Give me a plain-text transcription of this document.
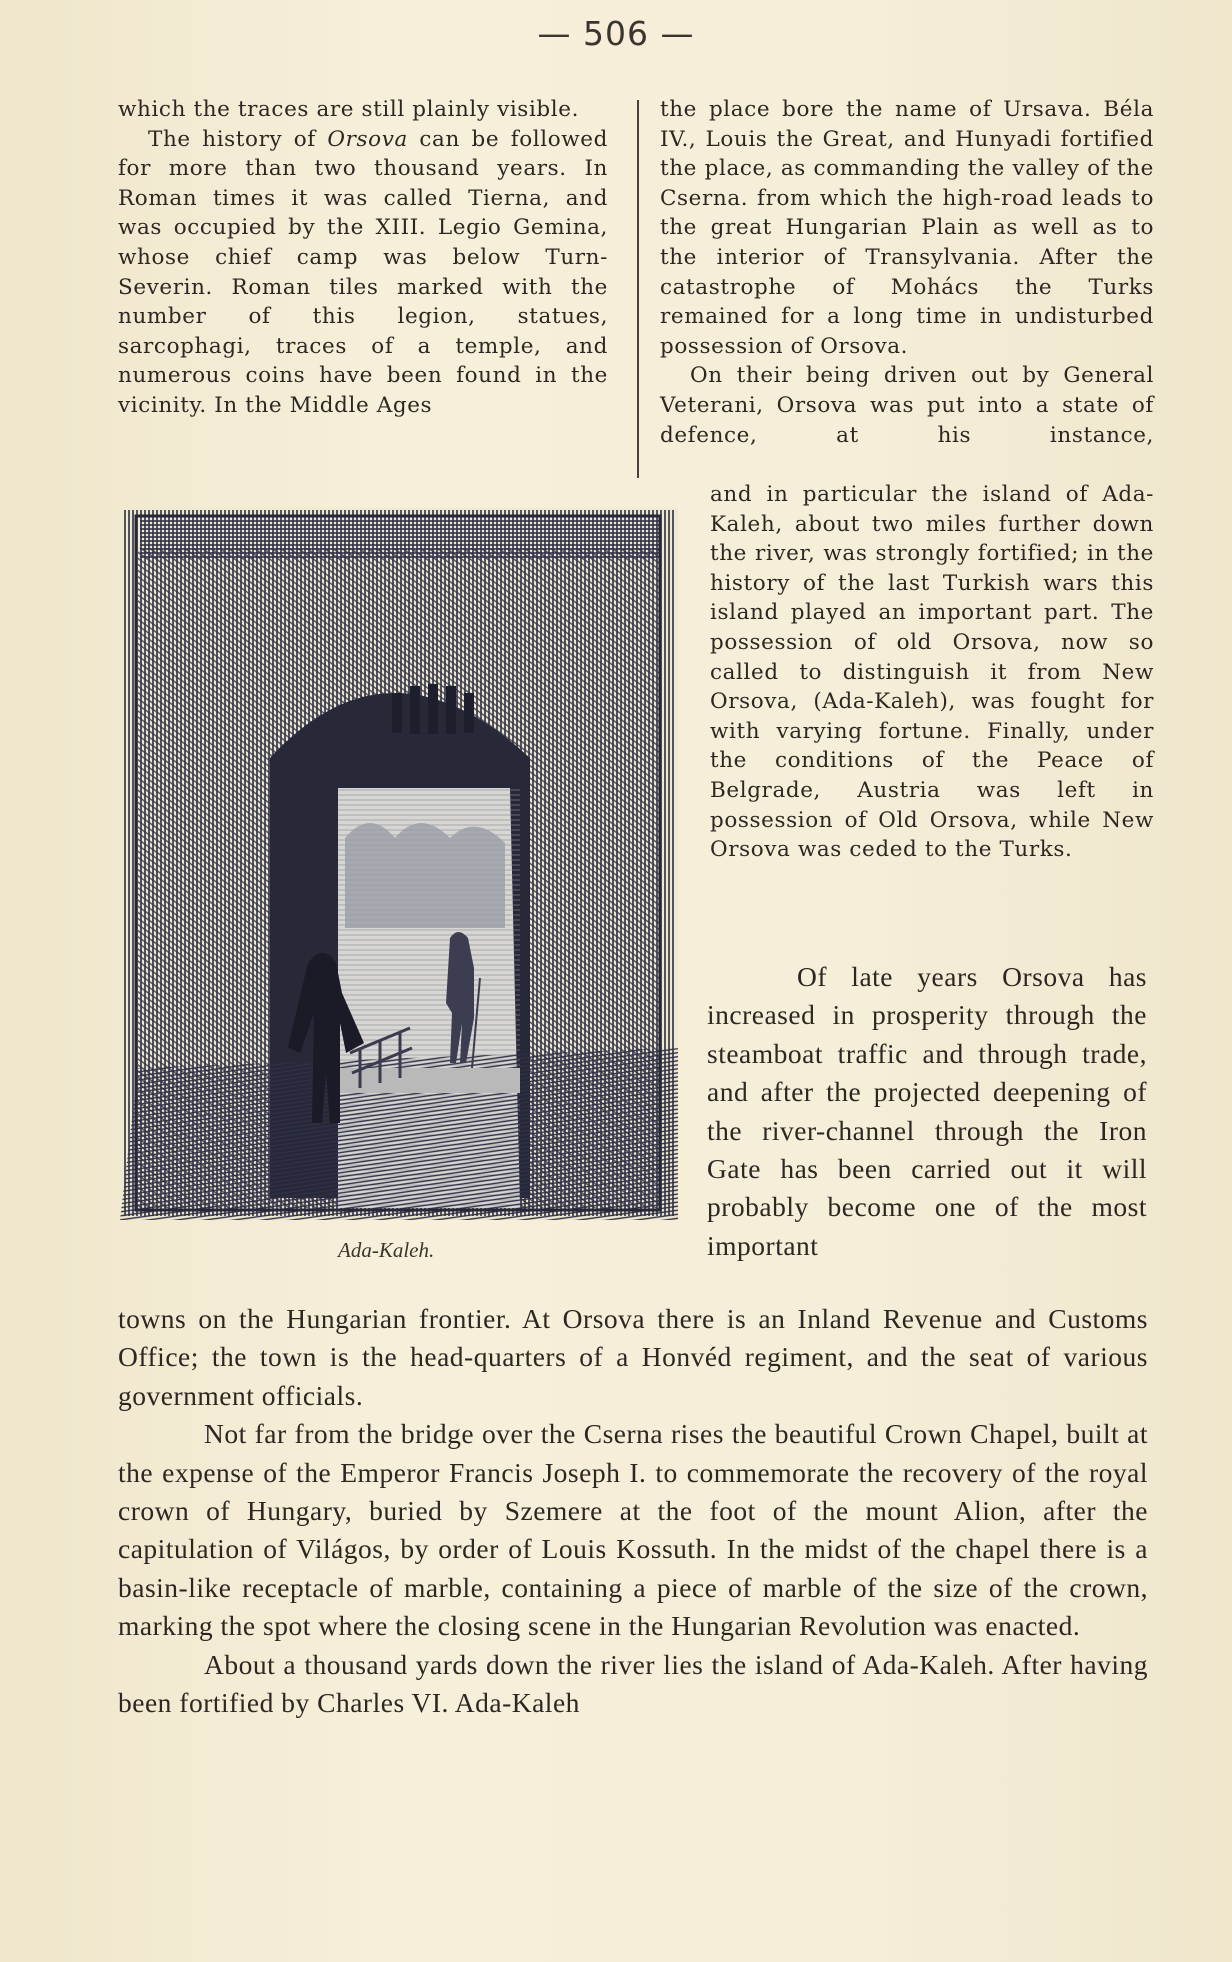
— 506 —

which the traces are still plainly visible.

The history of Orsova can be followed for more than two thousand years. In Roman times it was called Tierna, and was occupied by the XIII. Legio Gemina, whose chief camp was below Turn-Severin. Roman tiles marked with the number of this legion, statues, sarcophagi, traces of a temple, and numerous coins have been found in the vicinity. In the Middle Ages

the place bore the name of Ursava. Béla IV., Louis the Great, and Hunyadi fortified the place, as commanding the valley of the Cserna. from which the high-road leads to the great Hungarian Plain as well as to the interior of Transylvania. After the catastrophe of Mohács the Turks remained for a long time in undisturbed possession of Orsova.

On their being driven out by General Veterani, Orsova was put into a state of defence, at his instance,

and in particular the island of Ada-Kaleh, about two miles further down the river, was strongly fortified; in the history of the last Turkish wars this island played an important part. The possession of old Orsova, now so called to distinguish it from New Orsova, (Ada-Kaleh), was fought for with varying fortune. Finally, under the conditions of the Peace of Belgrade, Austria was left in possession of Old Orsova, while New Orsova was ceded to the Turks.

Ada-Kaleh.

Of late years Orsova has increased in prosperity through the steamboat traffic and through trade, and after the projected deepening of the river-channel through the Iron Gate has been carried out it will probably become one of the most important

towns on the Hungarian frontier. At Orsova there is an Inland Revenue and Customs Office; the town is the head-quarters of a Honvéd regiment, and the seat of various government officials.

Not far from the bridge over the Cserna rises the beautiful Crown Chapel, built at the expense of the Emperor Francis Joseph I. to commemorate the recovery of the royal crown of Hungary, buried by Szemere at the foot of the mount Alion, after the capitulation of Világos, by order of Louis Kossuth. In the midst of the chapel there is a basin-like receptacle of marble, containing a piece of marble of the size of the crown, marking the spot where the closing scene in the Hungarian Revolution was enacted.

About a thousand yards down the river lies the island of Ada-Kaleh. After having been fortified by Charles VI. Ada-Kaleh
